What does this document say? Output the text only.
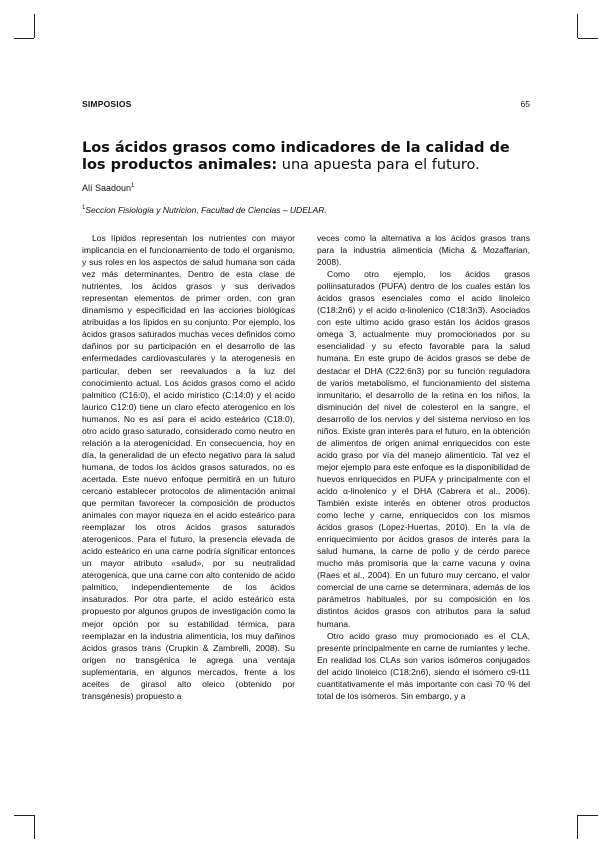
SIMPOSIOS	65
Los ácidos grasos como indicadores de la calidad de los productos animales: una apuesta para el futuro.
Alí Saadoun$^1$
$^1$Seccion Fisiologia y Nutricion, Facultad de Ciencias – UDELAR.

Los lípidos representan los nutrientes con mayor implicancia en el funcionamiento de todo el organismo, y sus roles en los aspectos de salud humana son cada vez más determinantes. Dentro de esta clase de nutrientes, los ácidos grasos y sus derivados representan elementos de primer orden, con gran dinamismo y especificidad en las acciones biológicas atribuidas a los lípidos en su conjunto. Por ejemplo, los ácidos grasos saturados muchas veces definidos como dañinos por su participación en el desarrollo de las enfermedades cardiovasculares y la aterogenesis en particular, deben ser reevaluados a la luz del conocimiento actual. Los ácidos grasos como el acido palmitico (C16:0), el acido miristico (C:14:0) y el acido laurico C12:0) tiene un claro efecto aterogenico en los humanos. No es así para el acido esteárico (C18:0), otro acido graso saturado, considerado como neutro en relación a la aterogenicidad. En consecuencia, hoy en día, la generalidad de un efecto negativo para la salud humana, de todos los ácidos grasos saturados, no es acertada. Este nuevo enfoque permitirá en un futuro cercano establecer protocolos de alimentación animal que permitan favorecer la composición de productos animales con mayor riqueza en el acido esteárico para reemplazar los otros ácidos grasos saturados aterogenicos. Para el futuro, la presencia elevada de acido esteárico en una carne podría significar entonces un mayor atributo «salud», por su neutralidad aterogenica, que una carne con alto contenido de acido palmitico, independientemente de los ácidos insaturados. Por otra parte, el acido esteárico esta propuesto por algunos grupos de investigación como la mejor opción por su estabilidad térmica, para reemplazar en la industria alimenticia, los muy dañinos ácidos grasos trans (Crupkin & Zambrelli, 2008). Su origen no transgénica le agrega una ventaja suplementaria, en algunos mercados, frente a los aceites de girasol alto oleico (obtenido por transgénesis) propuesto a

veces como la alternativa a los ácidos grasos trans para la industria alimenticia (Micha & Mozaffarian, 2008).

Como otro ejemplo, los ácidos grasos poliinsaturados (PUFA) dentro de los cuales están los ácidos grasos esenciales como el acido linoleico (C18:2n6) y el acido α-linolenico (C18:3n3). Asociados con este ultimo acido graso están los ácidos grasos omega 3, actualmente muy promocionados por su esencialidad y su efecto favorable para la salud humana. En este grupo de ácidos grasos se debe de destacar el DHA (C22:6n3) por su función reguladora de varios metabolismo, el funcionamiento del sistema inmunitario, el desarrollo de la retina en los niños, la disminución del nivel de colesterol en la sangre, el desarrollo de los nervios y del sistema nervioso en los niños. Existe gran interés para el futuro, en la obtención de alimentos de origen animal enriquecidos con este acido graso por vía del manejo alimenticio. Tal vez el mejor ejemplo para este enfoque es la disponibilidad de huevos enriquecidos en PUFA y principalmente con el acido α-linolenico y el DHA (Cabrera et al., 2006). También existe interés en obtener otros productos como leche y carne, enriquecidos con los mismos ácidos grasos (Lopez-Huertas, 2010). En la vía de enriquecimiento por ácidos grasos de interés para la salud humana, la carne de pollo y de cerdo parece mucho más promisoria que la carne vacuna y ovina (Raes et al., 2004). En un futuro muy cercano, el valor comercial de una carne se determinara, además de los parámetros habituales, por su composición en los distintos ácidos grasos con atributos para la salud humana.

Otro acido graso muy promocionado es el CLA, presente principalmente en carne de rumiantes y leche. En realidad los CLAs son varios isómeros conjugados del acido linoleico (C18:2n6), siendo el isómero c9-t11 cuantitativamente el más importante con casi 70 % del total de los isómeros. Sin embargo, y a
